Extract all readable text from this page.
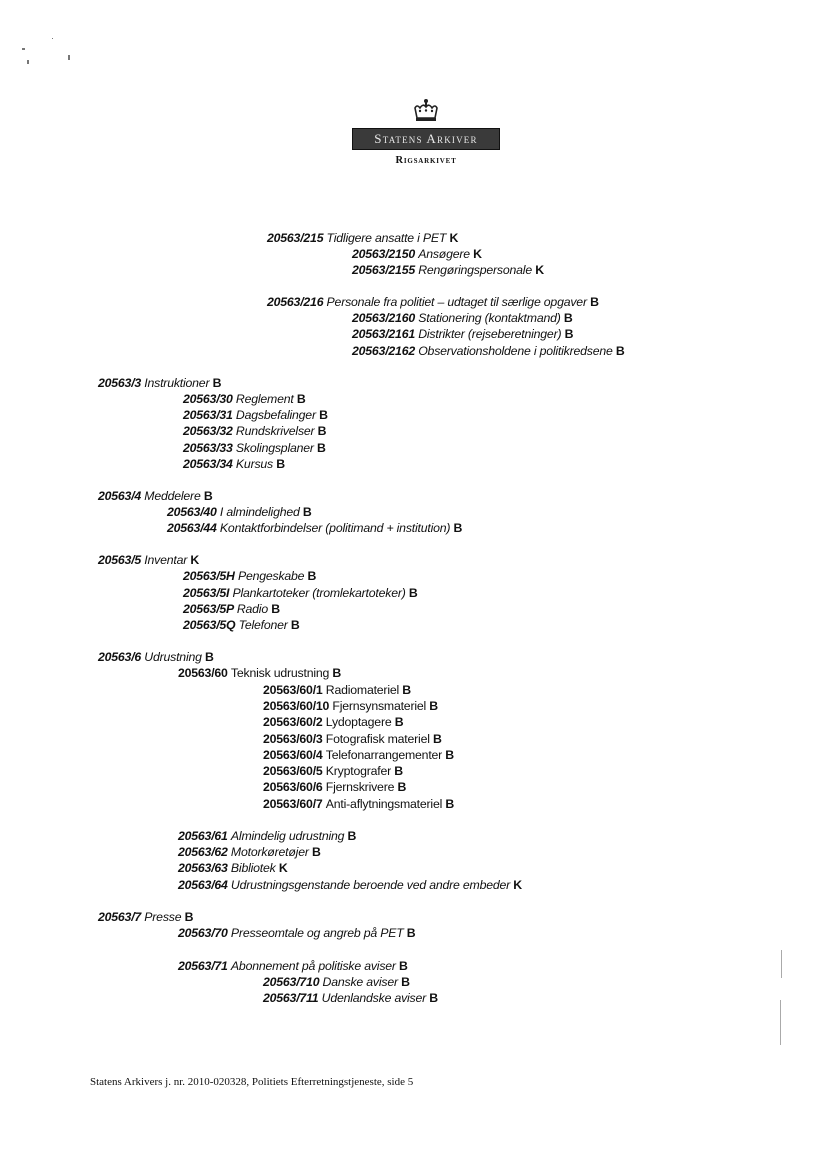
Statens Arkiver
Rigsarkivet
20563/215 Tidligere ansatte i PET K
20563/2150 Ansøgere K
20563/2155 Rengøringspersonale K
20563/216 Personale fra politiet – udtaget til særlige opgaver B
20563/2160 Stationering (kontaktmand) B
20563/2161 Distrikter (rejseberetninger) B
20563/2162 Observationsholdene i politikredsene B
20563/3 Instruktioner B
20563/30 Reglement B
20563/31 Dagsbefalinger B
20563/32 Rundskrivelser B
20563/33 Skolingsplaner B
20563/34 Kursus B
20563/4 Meddelere B
20563/40 I almindelighed B
20563/44 Kontaktforbindelser (politimand + institution) B
20563/5 Inventar K
20563/5H Pengeskabe B
20563/5I Plankartoteker (tromlekartoteker) B
20563/5P Radio B
20563/5Q Telefoner B
20563/6 Udrustning B
20563/60 Teknisk udrustning B
20563/60/1 Radiomateriel B
20563/60/10 Fjernsynsmateriel B
20563/60/2 Lydoptagere B
20563/60/3 Fotografisk materiel B
20563/60/4 Telefonarrangementer B
20563/60/5 Kryptografer B
20563/60/6 Fjernskrivere B
20563/60/7 Anti-aflytningsmateriel B
20563/61 Almindelig udrustning B
20563/62 Motorkøretøjer B
20563/63 Bibliotek K
20563/64 Udrustningsgenstande beroende ved andre embeder K
20563/7 Presse B
20563/70 Presseomtale og angreb på PET B
20563/71 Abonnement på politiske aviser B
20563/710 Danske aviser B
20563/711 Udenlandske aviser B
Statens Arkivers j. nr. 2010-020328, Politiets Efterretningstjeneste, side 5
